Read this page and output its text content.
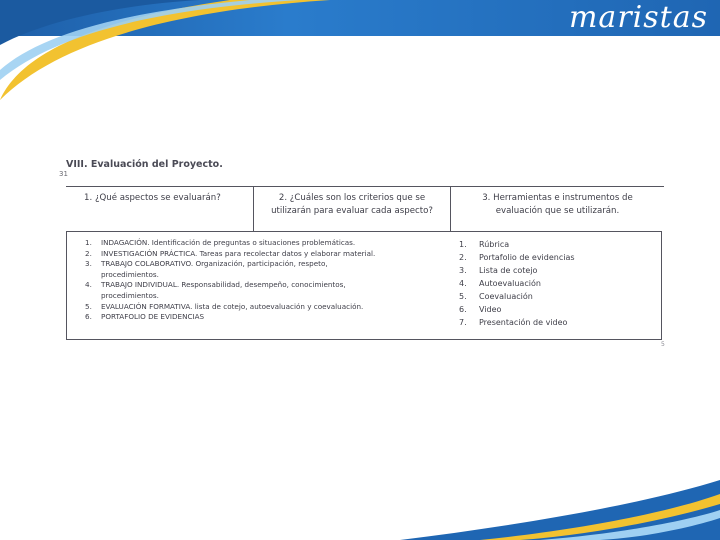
maristas
VIII. Evaluación del Proyecto.
31
5
1. ¿Qué aspectos se evaluarán?	2. ¿Cuáles son los criterios que se
utilizarán para evaluar cada aspecto?
3. Herramientas e instrumentos de
evaluación que se utilizarán.
1. INDAGACIÓN. Identificación de preguntas o situaciones problemáticas.
2. INVESTIGACIÓN PRÁCTICA. Tareas para recolectar datos y elaborar material.
3. TRABAJO COLABORATIVO. Organización, participación, respeto,
procedimientos.
4. TRABAJO INDIVIDUAL. Responsabilidad, desempeño, conocimientos,
procedimientos.
5. EVALUACIÓN FORMATIVA. lista de cotejo, autoevaluación y coevaluación.
6. PORTAFOLIO DE EVIDENCIAS
1. Rúbrica
2. Portafolio de evidencias
3. Lista de cotejo
4. Autoevaluación
5. Coevaluación
6. Video
7. Presentación de video
